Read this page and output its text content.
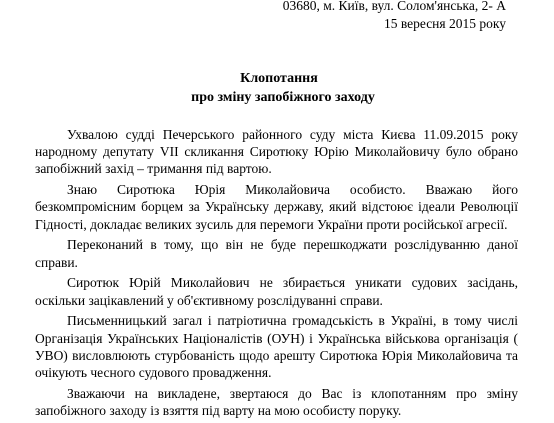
03680, м. Київ, вул. Солом'янська, 2- А
15 вересня 2015 року
Клопотання
про зміну запобіжного заходу

Ухвалою судді Печерського районного суду міста Києва 11.09.2015 року народному депутату VII скликання Сиротюку Юрію Миколайовичу було обрано запобіжний захід – тримання під вартою.

Знаю Сиротюка Юрія Миколайовича особисто. Вважаю його безкомпромісним борцем за Українську державу, який відстоює ідеали Революції Гідності, докладає великих зусиль для перемоги України проти російської агресії.

Переконаний в тому, що він не буде перешкоджати розслідуванню даної справи.

Сиротюк Юрій Миколайович не збирається уникати судових засідань, оскільки зацікавлений у об'єктивному розслідуванні справи.

Письменницький загал і патріотична громадськість в Україні, в тому числі Організація Українських Націоналістів (ОУН) і Українська військова організація ( УВО) висловлюють стурбованість щодо арешту Сиротюка Юрія Миколайовича та очікують чесного судового провадження.

Зважаючи на викладене, звертаюся до Вас із клопотанням про зміну запобіжного заходу із взяття під варту на мою особисту поруку.
